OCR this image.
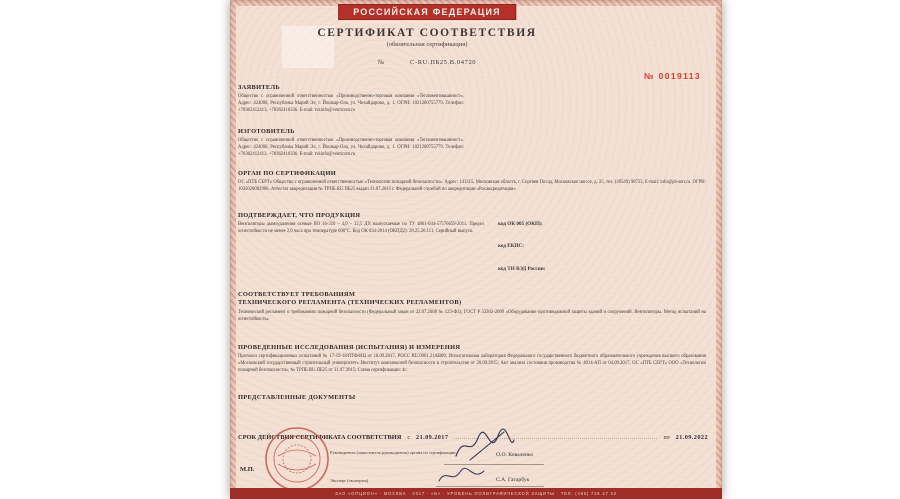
РОССИЙСКАЯ ФЕДЕРАЦИЯ
СЕРТИФИКАТ СООТВЕТСТВИЯ
(обязательная сертификация)
№	С-RU.ПБ25.В.04720
№ 0019113
ЗАЯВИТЕЛЬ
Общество с ограниченной ответственностью «Производственно-торговая компания «Тепловентмашиност». Адрес: 424006, Республика Марий Эл, г. Йошкар-Ола, ул. Чихайдарово, д. 1. ОГРН: 1021200755779. Телефон: +78362412413, +78362416336. E-mail: tvkinfo@venticom.ru
ИЗГОТОВИТЕЛЬ
Общество с ограниченной ответственностью «Производственно-торговая компания «Тепловентмашиност». Адрес: 424006, Республика Марий Эл, г. Йошкар-Ола, ул. Чихайдарово, д. 1. ОГРН: 1021200755779. Телефон: +78362412413, +78362416336. E-mail: tvkinfo@venticom.ru
ОРГАН ПО СЕРТИФИКАЦИИ
ОС «ПТБ СЕРТ» Общество с ограниченной ответственностью «Технологии пожарной безопасности». Адрес: 141315, Московская область, г. Сергиев Посад, Московское шоссе, д. 25, тел. (49549) 98725, E-mail: info@pb-sert.ru. ОГРН: 1035028002906. Аттестат аккредитации № ТРПБ.RU.ПБ25 выдан 31.07.2015 г. Федеральной службой по аккредитации «Росаккредитация»
ПОДТВЕРЖДАЕТ, ЧТО ПРОДУКЦИЯ
Вентиляторы дымоудаления осевые ВО 16-310 – 4,0 – 12,5 ДУ, выпускаемые по ТУ 4861-044-57576659-2011. Предел огнестойкости не менее 2,0 часа при температуре 600°С. Код ОК 034-2014 (ОКПД2): 28.25.20.111. Серийный выпуск.
код ОК 005 (ОКП):
код ЕКПС:
код ТН ВЭД России:
СООТВЕТСТВУЕТ ТРЕБОВАНИЯМ
ТЕХНИЧЕСКОГО РЕГЛАМЕНТА (ТЕХНИЧЕСКИХ РЕГЛАМЕНТОВ)
Технический регламент о требованиях пожарной безопасности (Федеральный закон от 22.07.2008 № 123-ФЗ); ГОСТ Р 53302-2009 «Оборудование противодымной защиты зданий и сооружений. Вентиляторы. Метод испытаний на огнестойкость»
ПРОВЕДЕННЫЕ ИССЛЕДОВАНИЯ (ИСПЫТАНИЯ) И ИЗМЕРЕНИЯ
Протокол сертификационных испытаний № 17-19-18/ПТФ/ИЦ от 18.09.2017, РОСС RU.0001.21АВ09, Испытательная лаборатория Федерального государственного бюджетного образовательного учреждения высшего образования «Московский государственный строительный университет» Институт комплексной безопасности в строительстве от 28.09.2015; Акт анализа состояния производства № 4014-АП от 04.09.2017, ОС «ПТБ СЕРТ» ООО «Технологии пожарной безопасности», № ТРПБ.RU.ПБ25 от 31.07.2015; Схема сертификации: 4с.
ПРЕДСТАВЛЕННЫЕ ДОКУМЕНТЫ
СРОК ДЕЙСТВИЯ СЕРТИФИКАТА СООТВЕТСТВИЯ с 21.09.2017	по 21.09.2022
М.П.
Руководитель (заместитель руководителя) органа по сертификации	О.О. Коваленко
Эксперт (эксперты)	С.А. Гатарбук
ЗАО «ОПЦИОН» · МОСКВА · 2017 · «Б» · УРОВЕНЬ ПОЛИГРАФИЧЕСКОЙ ЗАЩИТЫ · ТЕЛ. (495) 726 47 42
